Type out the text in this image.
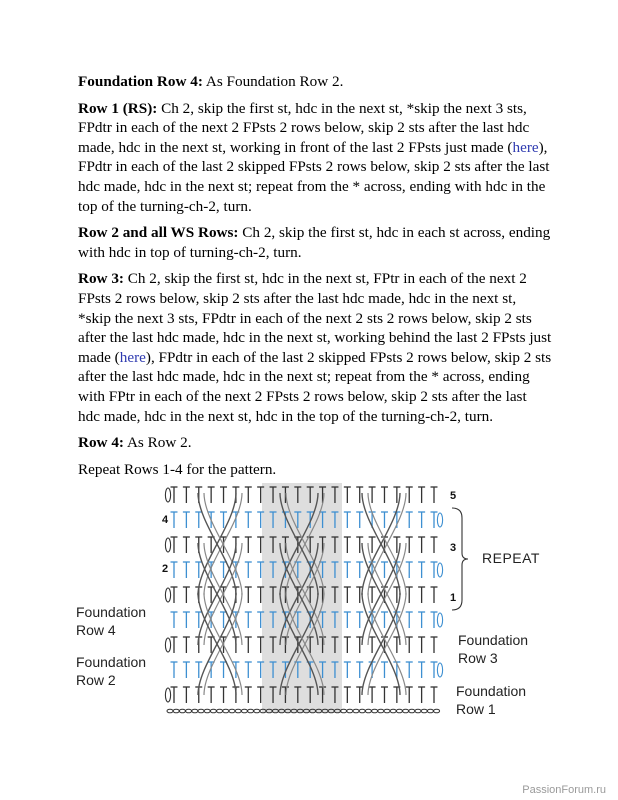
Foundation Row 4: As Foundation Row 2.

Row 1 (RS): Ch 2, skip the first st, hdc in the next st, *skip the next 3 sts, FPdtr in each of the next 2 FPsts 2 rows below, skip 2 sts after the last hdc made, hdc in the next st, working in front of the last 2 FPsts just made (here), FPdtr in each of the last 2 skipped FPsts 2 rows below, skip 2 sts after the last hdc made, hdc in the next st; repeat from the * across, ending with hdc in the top of the turning-ch-2, turn.

Row 2 and all WS Rows: Ch 2, skip the first st, hdc in each st across, ending with hdc in top of turning-ch-2, turn.

Row 3: Ch 2, skip the first st, hdc in the next st, FPtr in each of the next 2 FPsts 2 rows below, skip 2 sts after the last hdc made, hdc in the next st, *skip the next 3 sts, FPdtr in each of the next 2 sts 2 rows below, skip 2 sts after the last hdc made, hdc in the next st, working behind the last 2 FPsts just made (here), FPdtr in each of the last 2 skipped FPsts 2 rows below, skip 2 sts after the last hdc made, hdc in the next st; repeat from the * across, ending with FPtr in each of the next 2 FPsts 2 rows below, skip 2 sts after the last hdc made, hdc in the next st, hdc in the top of the turning-ch-2, turn.

Row 4: As Row 2.

Repeat Rows 1-4 for the pattern.

Foundation
Row 4
Foundation
Row 2
Foundation
Row 3
Foundation
Row 1
REPEAT
4
2
5
3
1
PassionForum.ru
